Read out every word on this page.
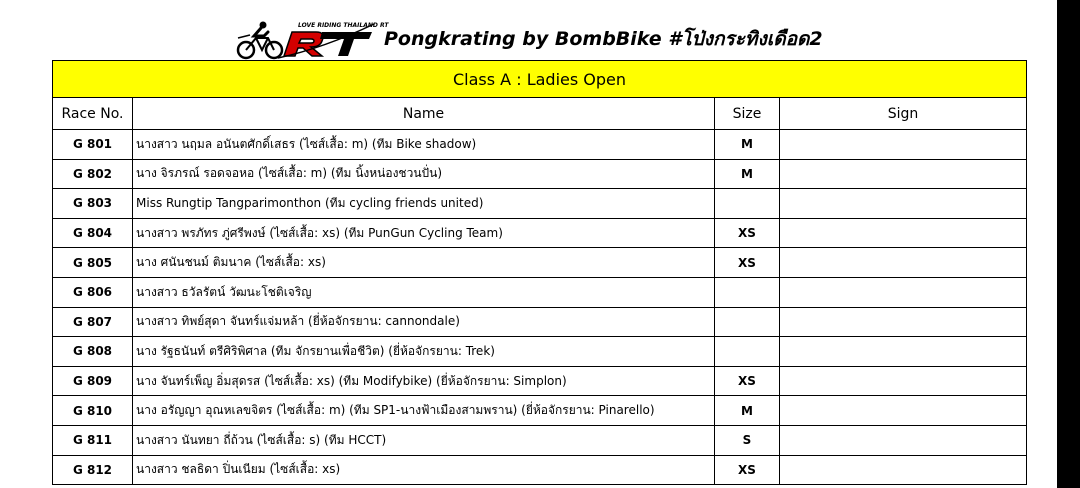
LOVE RIDING THAILAND RT
Pongkrating by BombBike #โป่งกระทิงเดือด2
Class A : Ladies Open			
Race No.	Name	Size	Sign
G 801	นางสาว นฤมล อนันตศักดิ์เสธร (ไซส์เสื้อ: m) (ทีม Bike shadow)	M	
G 802	นาง จิรภรณ์ รอดจอหอ (ไซส์เสื้อ: m) (ทีม นิ้งหน่องชวนปั่น)	M	
G 803	Miss Rungtip Tangparimonthon (ทีม cycling friends united)		
G 804	นางสาว พรภัทร ภู่ศรีพงษ์ (ไซส์เสื้อ: xs) (ทีม PunGun Cycling Team)	XS	
G 805	นาง ศนันชนม์ ติมนาค (ไซส์เสื้อ: xs)	XS	
G 806	นางสาว ธวัลรัตน์ วัฒนะโชติเจริญ		
G 807	นางสาว ทิพย์สุดา จันทร์แจ่มหล้า (ยี่ห้อจักรยาน: cannondale)		
G 808	นาง รัฐธนันท์ ตรีศิริพิศาล (ทีม จักรยานเพื่อชีวิต) (ยี่ห้อจักรยาน: Trek)		
G 809	นาง จันทร์เพ็ญ อิ่มสุดรส (ไซส์เสื้อ: xs) (ทีม Modifybike) (ยี่ห้อจักรยาน: Simplon)	XS	
G 810	นาง อรัญญา อุณหเลขจิตร (ไซส์เสื้อ: m) (ทีม SP1-นางฟ้าเมืองสามพราน) (ยี่ห้อจักรยาน: Pinarello)	M	
G 811	นางสาว นันทยา ถี่ถ้วน (ไซส์เสื้อ: s) (ทีม HCCT)	S	
G 812	นางสาว ชลธิดา ปิ่นเนียม (ไซส์เสื้อ: xs)	XS	
